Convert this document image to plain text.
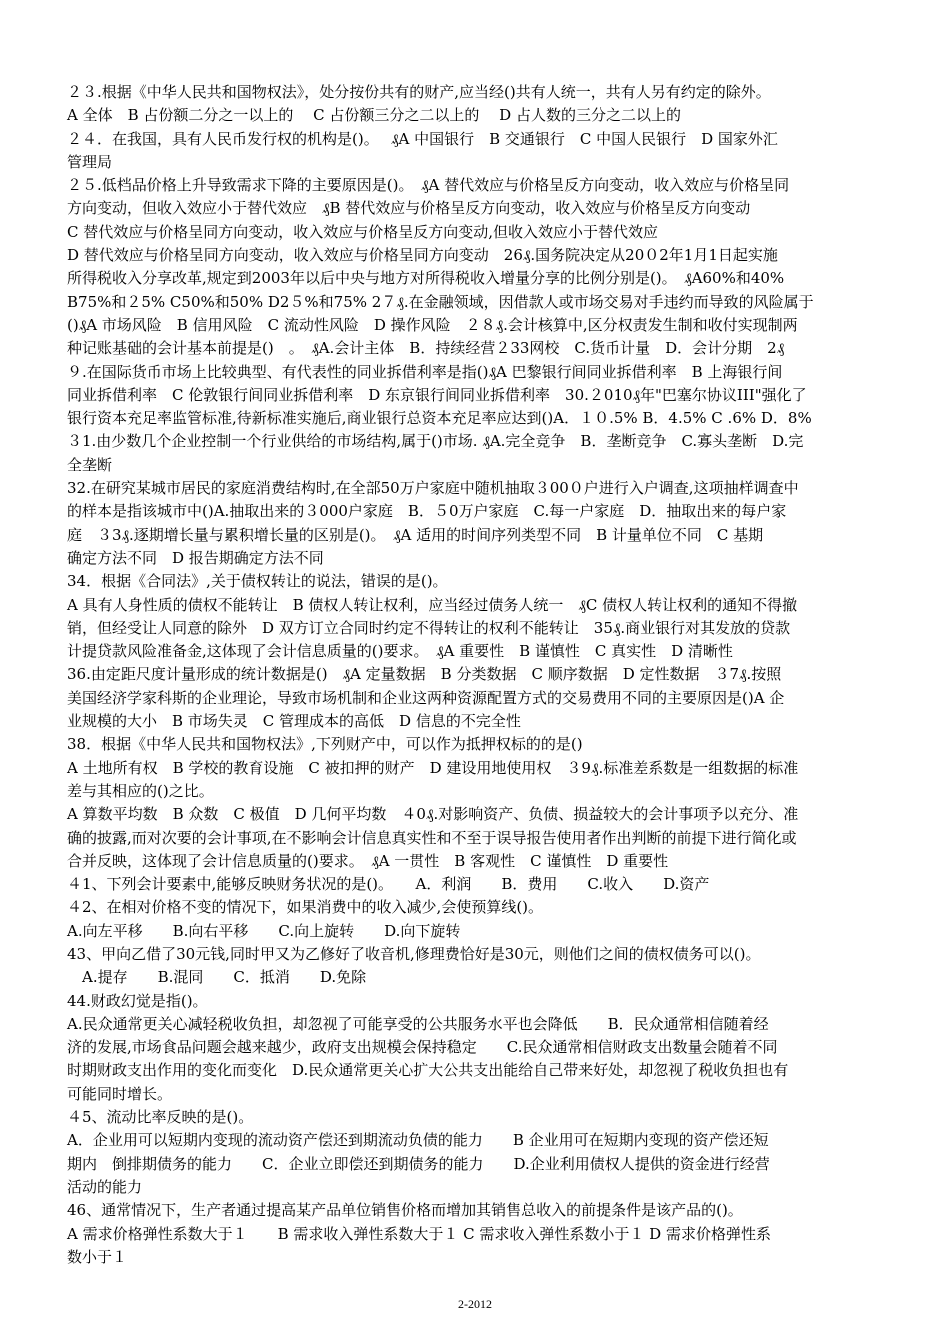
２３.根据《中华人民共和国物权法》，处分按份共有的财产,应当经()共有人统一，共有人另有约定的除外。
A 全体　B 占份额二分之一以上的　 C 占份额三分之二以上的　 D 占人数的三分之二以上的
２４．在我国，具有人民币发行权的机构是()。　 ₰A 中国银行　B 交通银行　C 中国人民银行　D 国家外汇
管理局
２５.低档品价格上升导致需求下降的主要原因是()。　₰A 替代效应与价格呈反方向变动，收入效应与价格呈同
方向变动，但收入效应小于替代效应　₰B 替代效应与价格呈反方向变动，收入效应与价格呈反方向变动
C 替代效应与价格呈同方向变动，收入效应与价格呈反方向变动,但收入效应小于替代效应
D 替代效应与价格呈同方向变动，收入效应与价格呈同方向变动　26₰.国务院决定从20０2年1月1日起实施
所得税收入分享改革,规定到2003年以后中央与地方对所得税收入增量分享的比例分别是()。　₰A60%和40%
B75%和２5% C50%和50% D2５%和75% 2７₰.在金融领域，因借款人或市场交易对手违约而导致的风险属于
()₰A 市场风险　B 信用风险　C 流动性风险　D 操作风险　２８₰.会计核算中,区分权责发生制和收付实现制两
种记账基础的会计基本前提是()　。　₰A.会计主体　B．持续经营２33网校　C.货币计量　D．会计分期　2₰
９.在国际货币市场上比较典型、有代表性的同业拆借利率是指()₰A 巴黎银行间同业拆借利率　B 上海银行间
同业拆借利率　C 伦敦银行间同业拆借利率　D 东京银行间同业拆借利率　30.２010₰年"巴塞尔协议III"强化了
银行资本充足率监管标准,待新标准实施后,商业银行总资本充足率应达到()A．１０.5% B．4.5% C .6% D．8%
３1.由少数几个企业控制一个行业供给的市场结构,属于()市场. ₰A.完全竞争　B．垄断竞争　C.寡头垄断　D.完
全垄断
32.在研究某城市居民的家庭消费结构时,在全部50万户家庭中随机抽取３00０户进行入户调查,这项抽样调查中
的样本是指该城市中()A.抽取出来的３000户家庭　B．５0万户家庭　C.每一户家庭　D．抽取出来的每户家
庭　３3₰.逐期增长量与累积增长量的区别是()。　₰A 适用的时间序列类型不同　B 计量单位不同　C 基期
确定方法不同　D 报告期确定方法不同
34．根据《合同法》,关于债权转让的说法，错误的是()。
A 具有人身性质的债权不能转让　B 债权人转让权利，应当经过债务人统一　₰C 债权人转让权利的通知不得撤
销，但经受让人同意的除外　D 双方订立合同时约定不得转让的权利不能转让　35₰.商业银行对其发放的贷款
计提贷款风险准备金,这体现了会计信息质量的()要求。　₰A 重要性　B 谨慎性　C 真实性　D 清晰性
36.由定距尺度计量形成的统计数据是()　₰A 定量数据　B 分类数据　C 顺序数据　D 定性数据　３7₰.按照
美国经济学家科斯的企业理论，导致市场机制和企业这两种资源配置方式的交易费用不同的主要原因是()A 企
业规模的大小　B 市场失灵　C 管理成本的高低　D 信息的不完全性
38．根据《中华人民共和国物权法》,下列财产中，可以作为抵押权标的的是()
A 土地所有权　B 学校的教育设施　C 被扣押的财产　D 建设用地使用权　３9₰.标准差系数是一组数据的标准
差与其相应的()之比。
A 算数平均数　B 众数　C 极值　D 几何平均数　４0₰.对影响资产、负债、损益较大的会计事项予以充分、准
确的披露,而对次要的会计事项,在不影响会计信息真实性和不至于误导报告使用者作出判断的前提下进行简化或
合并反映，这体现了会计信息质量的()要求。　₰A 一贯性　B 客观性　C 谨慎性　D 重要性
４1、下列会计要素中,能够反映财务状况的是()。　　A．利润　　B．费用　　C.收入　　D.资产
４2、在相对价格不变的情况下，如果消费中的收入减少,会使预算线()。
A.向左平移　　B.向右平移　　C.向上旋转　　D.向下旋转
43、甲向乙借了30元钱,同时甲又为乙修好了收音机,修理费恰好是30元，则他们之间的债权债务可以()。
　A.提存　　B.混同　　C．抵消　　D.免除
44.财政幻觉是指()。
A.民众通常更关心减轻税收负担，却忽视了可能享受的公共服务水平也会降低　　B．民众通常相信随着经
济的发展,市场食品问题会越来越少，政府支出规模会保持稳定　　C.民众通常相信财政支出数量会随着不同
时期财政支出作用的变化而变化　D.民众通常更关心扩大公共支出能给自己带来好处，却忽视了税收负担也有
可能同时增长。
４5、流动比率反映的是()。
A．企业用可以短期内变现的流动资产偿还到期流动负债的能力　　B 企业用可在短期内变现的资产偿还短
期内　倒排期债务的能力　　C．企业立即偿还到期债务的能力　　D.企业利用债权人提供的资金进行经营
活动的能力
46、通常情况下，生产者通过提高某产品单位销售价格而增加其销售总收入的前提条件是该产品的()。
A 需求价格弹性系数大于１　　B 需求收入弹性系数大于１ C 需求收入弹性系数小于１ D 需求价格弹性系
数小于１
2-2012
